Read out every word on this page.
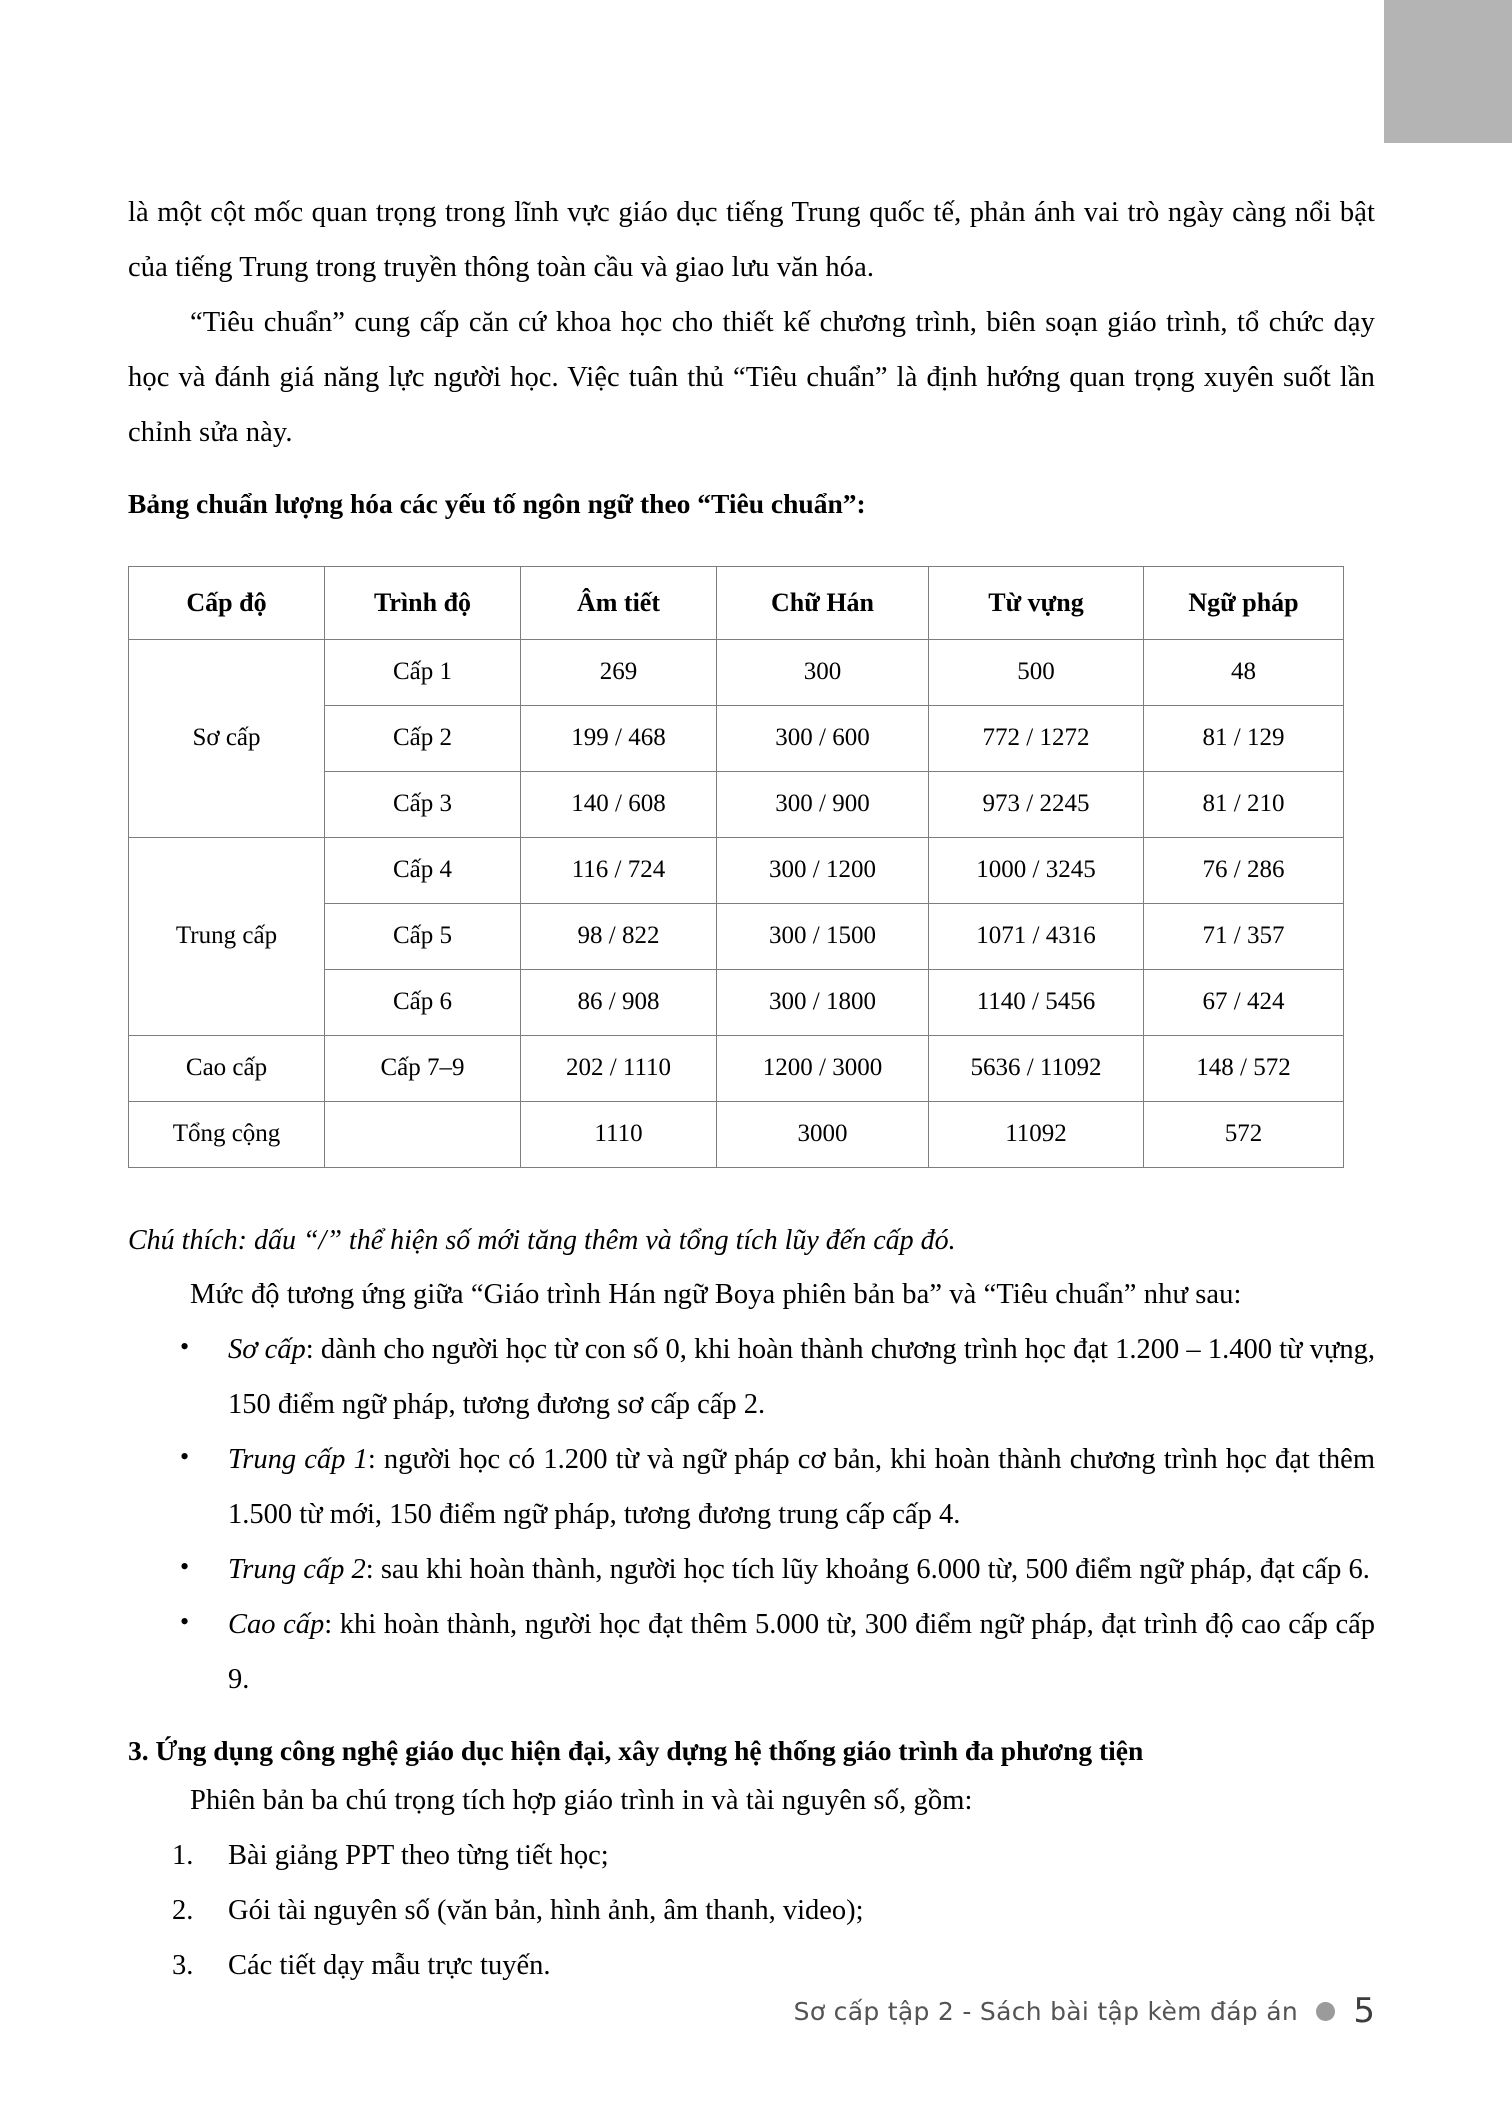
là một cột mốc quan trọng trong lĩnh vực giáo dục tiếng Trung quốc tế, phản ánh vai trò ngày càng nổi bật của tiếng Trung trong truyền thông toàn cầu và giao lưu văn hóa.

“Tiêu chuẩn” cung cấp căn cứ khoa học cho thiết kế chương trình, biên soạn giáo trình, tổ chức dạy học và đánh giá năng lực người học. Việc tuân thủ “Tiêu chuẩn” là định hướng quan trọng xuyên suốt lần chỉnh sửa này.

Bảng chuẩn lượng hóa các yếu tố ngôn ngữ theo “Tiêu chuẩn”:

Cấp độ	Trình độ	Âm tiết	Chữ Hán	Từ vựng	Ngữ pháp
Sơ cấp	Cấp 1	269	300	500	48
	Cấp 2	199 / 468	300 / 600	772 / 1272	81 / 129
	Cấp 3	140 / 608	300 / 900	973 / 2245	81 / 210
Trung cấp	Cấp 4	116 / 724	300 / 1200	1000 / 3245	76 / 286
	Cấp 5	98 / 822	300 / 1500	1071 / 4316	71 / 357
	Cấp 6	86 / 908	300 / 1800	1140 / 5456	67 / 424
Cao cấp	Cấp 7–9	202 / 1110	1200 / 3000	5636 / 11092	148 / 572
Tổng cộng		1110	3000	11092	572

Chú thích: dấu “/” thể hiện số mới tăng thêm và tổng tích lũy đến cấp đó.

Mức độ tương ứng giữa “Giáo trình Hán ngữ Boya phiên bản ba” và “Tiêu chuẩn” như sau:

• Sơ cấp: dành cho người học từ con số 0, khi hoàn thành chương trình học đạt 1.200 – 1.400 từ vựng, 150 điểm ngữ pháp, tương đương sơ cấp cấp 2.
• Trung cấp 1: người học có 1.200 từ và ngữ pháp cơ bản, khi hoàn thành chương trình học đạt thêm 1.500 từ mới, 150 điểm ngữ pháp, tương đương trung cấp cấp 4.
• Trung cấp 2: sau khi hoàn thành, người học tích lũy khoảng 6.000 từ, 500 điểm ngữ pháp, đạt cấp 6.
• Cao cấp: khi hoàn thành, người học đạt thêm 5.000 từ, 300 điểm ngữ pháp, đạt trình độ cao cấp cấp 9.

3. Ứng dụng công nghệ giáo dục hiện đại, xây dựng hệ thống giáo trình đa phương tiện

Phiên bản ba chú trọng tích hợp giáo trình in và tài nguyên số, gồm:

1. Bài giảng PPT theo từng tiết học;
2. Gói tài nguyên số (văn bản, hình ảnh, âm thanh, video);
3. Các tiết dạy mẫu trực tuyến.
Sơ cấp tập 2 - Sách bài tập kèm đáp án 5
